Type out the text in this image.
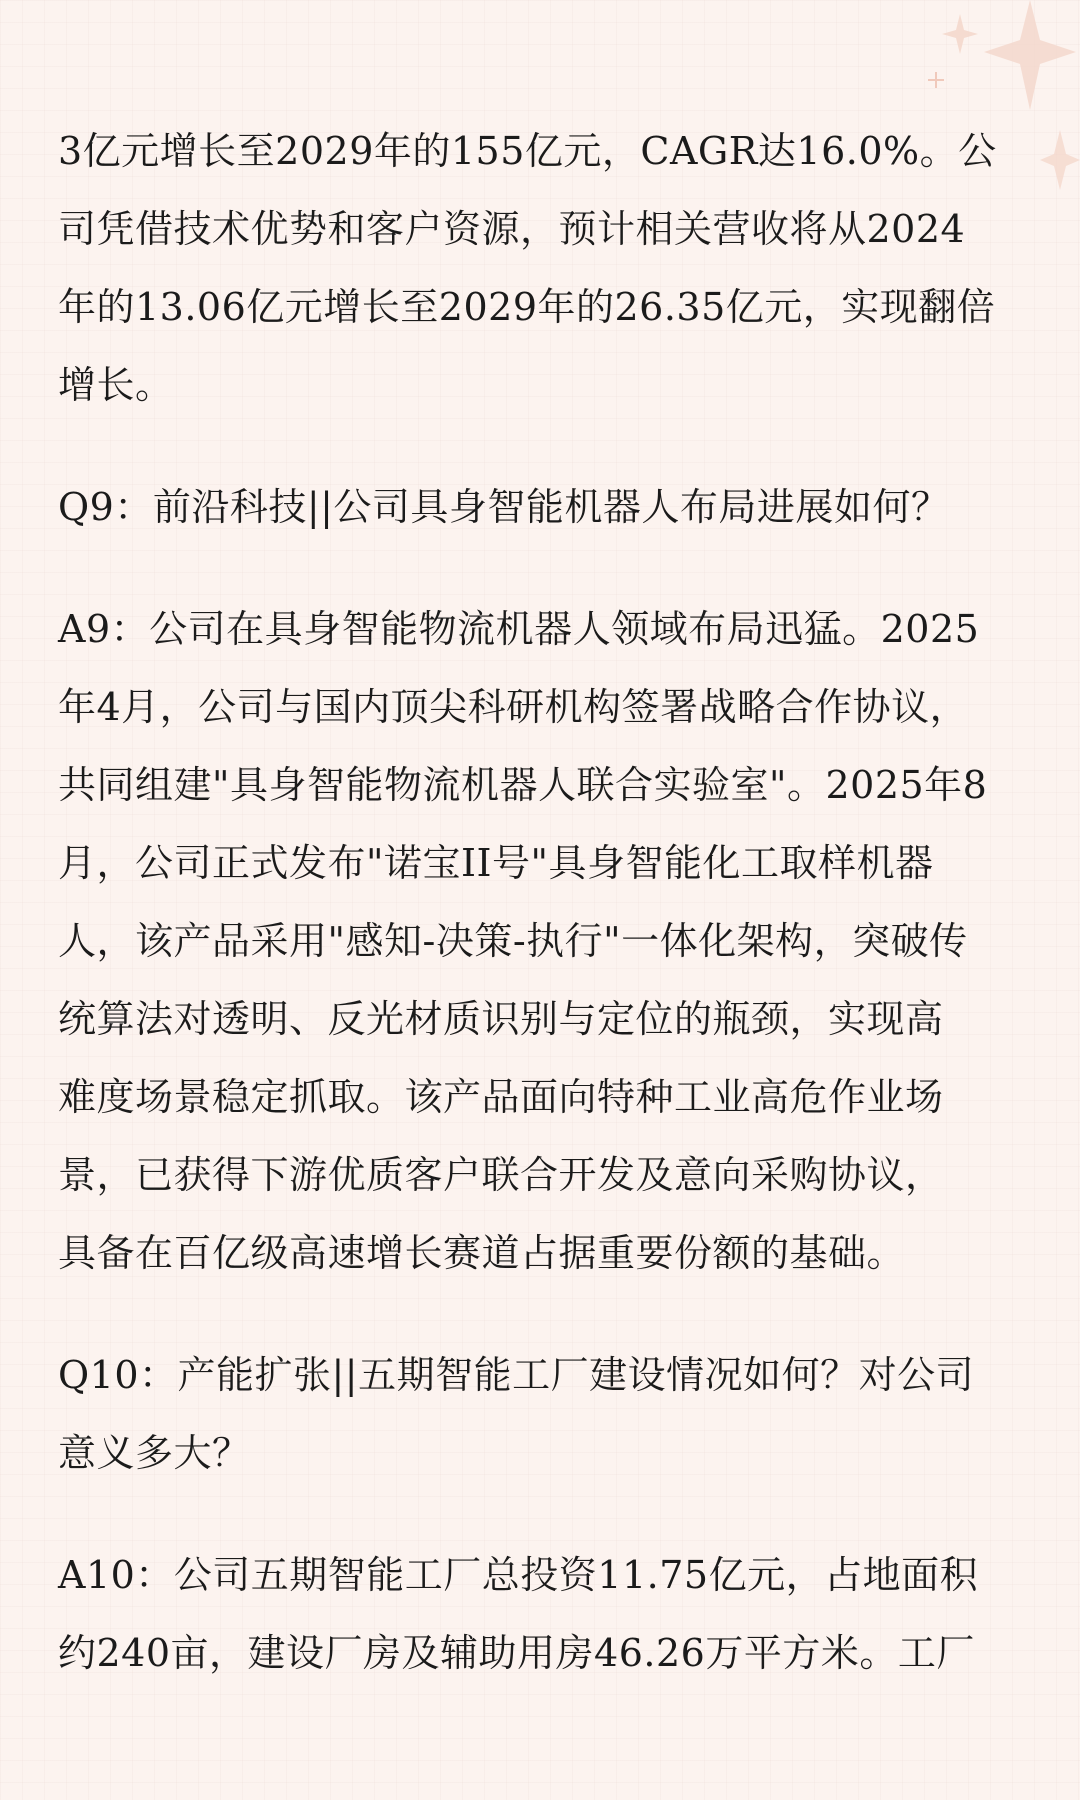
3亿元增长至2029年的155亿元，CAGR达16.0%。公
司凭借技术优势和客户资源，预计相关营收将从2024
年的13.06亿元增长至2029年的26.35亿元，实现翻倍
增长。

Q9：前沿科技||公司具身智能机器人布局进展如何？

A9：公司在具身智能物流机器人领域布局迅猛。2025
年4月，公司与国内顶尖科研机构签署战略合作协议，
共同组建"具身智能物流机器人联合实验室"。2025年8
月，公司正式发布"诺宝II号"具身智能化工取样机器
人，该产品采用"感知-决策-执行"一体化架构，突破传
统算法对透明、反光材质识别与定位的瓶颈，实现高
难度场景稳定抓取。该产品面向特种工业高危作业场
景，已获得下游优质客户联合开发及意向采购协议，
具备在百亿级高速增长赛道占据重要份额的基础。

Q10：产能扩张||五期智能工厂建设情况如何？对公司
意义多大？

A10：公司五期智能工厂总投资11.75亿元，占地面积
约240亩，建设厂房及辅助用房46.26万平方米。工厂
